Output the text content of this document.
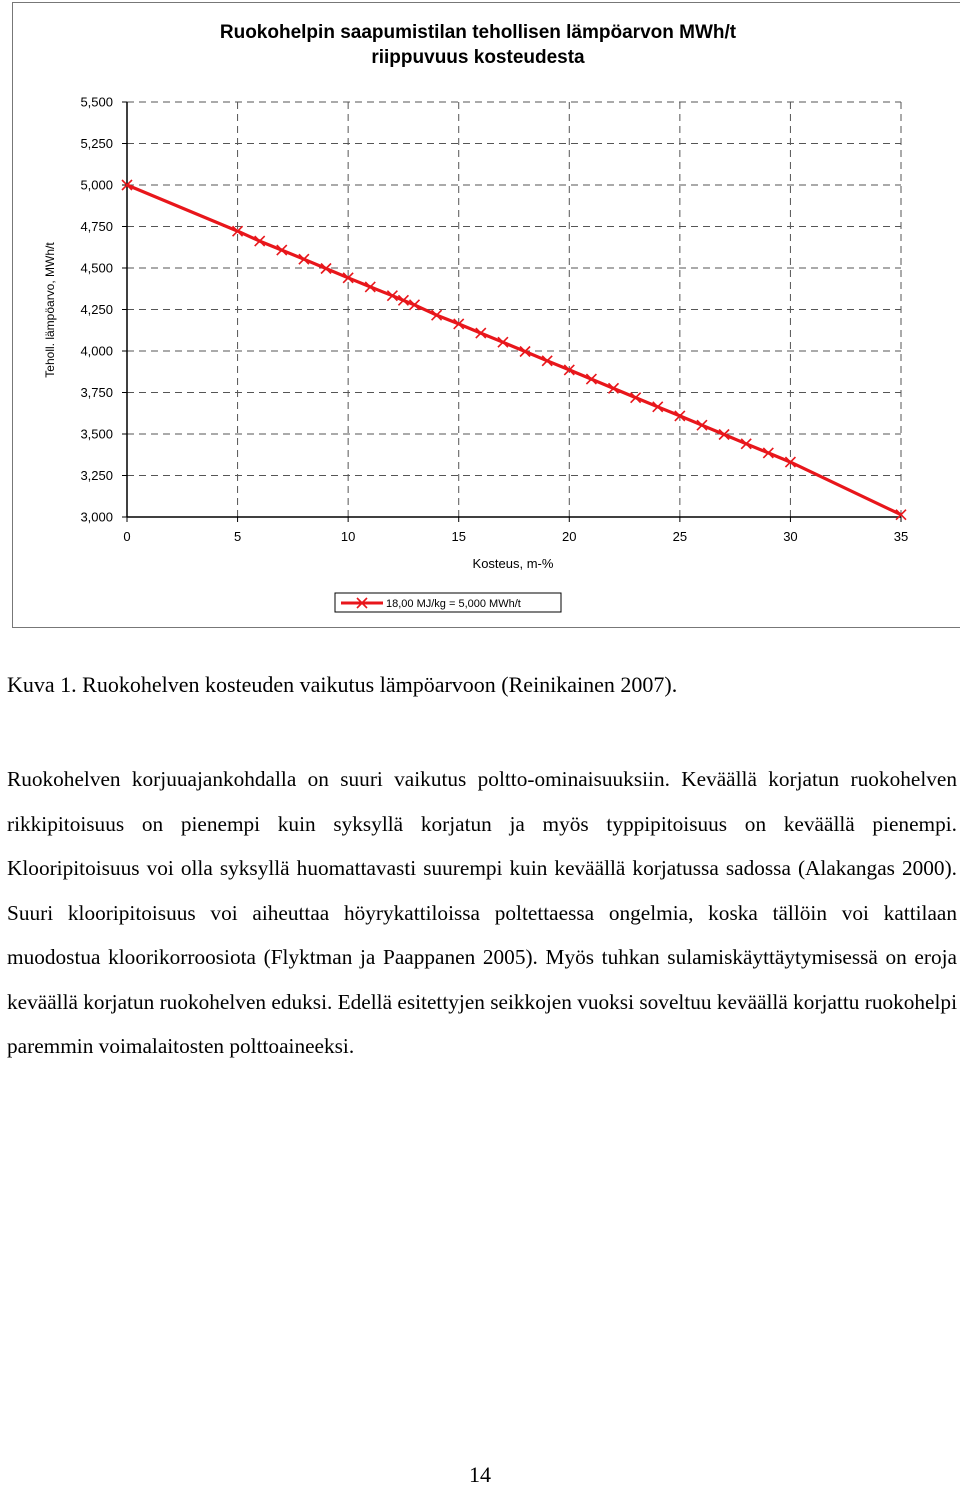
Ruokohelpin saapumistilan tehollisen lämpöarvon MWh/t
riippuvuus kosteudesta
3,000
3,250
3,500
3,750
4,000
4,250
4,500
4,750
5,000
5,250
5,500
0	5	10	15	20	25	30	35
Kosteus, m-%
Teholl. lämpöarvo, MWh/t
18,00 MJ/kg = 5,000 MWh/t

Kuva 1. Ruokohelven kosteuden vaikutus lämpöarvoon (Reinikainen 2007).

Ruokohelven korjuuajankohdalla on suuri vaikutus poltto-ominaisuuksiin. Keväällä korjatun ruokohelven rikkipitoisuus on pienempi kuin syksyllä korjatun ja myös typpipitoisuus on keväällä pienempi. Klooripitoisuus voi olla syksyllä huomattavasti suurempi kuin keväällä korjatussa sadossa (Alakangas 2000). Suuri klooripitoisuus voi aiheuttaa höyrykattiloissa poltettaessa ongelmia, koska tällöin voi kattilaan muodostua kloorikorroosiota (Flyktman ja Paappanen 2005). Myös tuhkan sulamiskäyttäytymisessä on eroja keväällä korjatun ruokohelven eduksi. Edellä esitettyjen seikkojen vuoksi soveltuu keväällä korjattu ruokohelpi paremmin voimalaitosten polttoaineeksi.

14
